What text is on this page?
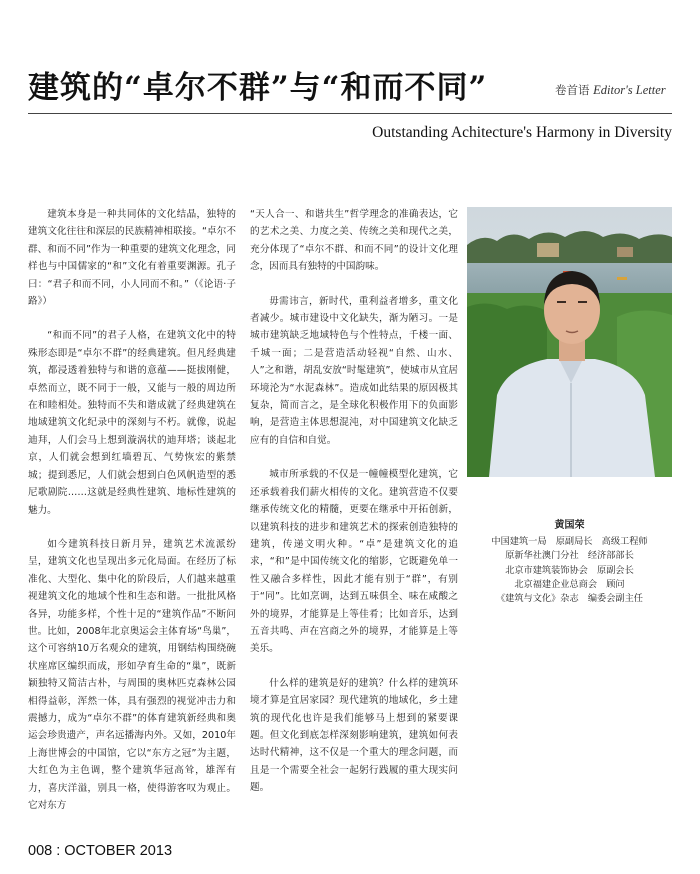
建筑的“卓尔不群”与“和而不同”	卷首语 Editor's Letter
Outstanding Achitecture's Harmony in Diversity

建筑本身是一种共同体的文化结晶，独特的建筑文化往往和深层的民族精神相联接。“卓尔不群、和而不同”作为一种重要的建筑文化理念，同样也与中国儒家的“和”文化有着重要渊源。孔子曰：“君子和而不同，小人同而不和。”（《论语·子路》）

“和而不同”的君子人格，在建筑文化中的特殊形态即是“卓尔不群”的经典建筑。但凡经典建筑，都浸透着独特与和谐的意蕴——挺拔刚健，卓然而立，既不同于一般，又能与一般的周边所在和睦相处。独特而不失和谐成就了经典建筑在地域建筑文化纪录中的深刻与不朽。就像，说起迪拜，人们会马上想到漩涡状的迪拜塔；谈起北京，人们就会想到红墙碧瓦、气势恢宏的紫禁城；提到悉尼，人们就会想到白色风帆造型的悉尼歌剧院……这就是经典性建筑、地标性建筑的魅力。

如今建筑科技日新月异，建筑艺术流派纷呈，建筑文化也呈现出多元化局面。在经历了标准化、大型化、集中化的阶段后，人们越来越重视建筑文化的地域个性和生态和谐。一批批风格各异，功能多样，个性十足的“建筑作品”不断问世。比如，2008年北京奥运会主体育场“鸟巢”，这个可容纳10万名观众的建筑，用钢结构围绕碗状座席区编织而成，形如孕育生命的“巢”，既新颖独特又简洁古朴，与周围的奥林匹克森林公园相得益彰，浑然一体，具有强烈的视觉冲击力和震撼力，成为“卓尔不群”的体育建筑新经典和奥运会珍贵遗产，声名远播海内外。又如，2010年上海世博会的中国馆，它以“东方之冠”为主题，大红色为主色调，整个建筑华冠高耸，雄浑有力，喜庆洋溢，别具一格，使得游客叹为观止。它对东方

“天人合一、和谐共生”哲学理念的准确表达，它的艺术之美、力度之美、传统之美和现代之美，充分体现了“卓尔不群、和而不同”的设计文化理念，因而具有独特的中国韵味。

毋需讳言，新时代，重利益者增多，重文化者减少。城市建设中文化缺失，渐为陋习。一是城市建筑缺乏地域特色与个性特点，千楼一面、千城一面；二是营造活动轻视“自然、山水、人”之和谐，胡乱安放“时髦建筑”，使城市从宜居环境沦为“水泥森林”。造成如此结果的原因极其复杂，简而言之，是全球化积极作用下的负面影响，是营造主体思想混沌，对中国建筑文化缺乏应有的自信和自觉。

城市所承载的不仅是一幢幢模型化建筑，它还承载着我们薪火相传的文化。建筑营造不仅要继承传统文化的精髓，更要在继承中开拓创新，以建筑科技的进步和建筑艺术的探索创造独特的建筑，传递文明火种。“卓”是建筑文化的追求，“和”是中国传统文化的缩影，它既避免单一性又融合多样性，因此才能有别于“群”，有别于“同”。比如烹调，达到五味俱全、味在咸酸之外的境界，才能算是上等佳肴；比如音乐，达到五音共鸣、声在宫商之外的境界，才能算是上等美乐。

什么样的建筑是好的建筑？什么样的建筑环境才算是宜居家园？现代建筑的地域化，乡土建筑的现代化也许是我们能够马上想到的紧要课题。但文化到底怎样深刻影响建筑，建筑如何表达时代精神，这不仅是一个重大的理念问题，而且是一个需要全社会一起躬行践履的重大现实问题。

黄国荣
中国建筑一局　原副局长　高级工程师
原新华社澳门分社　经济部部长
北京市建筑装饰协会　原副会长
北京福建企业总商会　顾问
《建筑与文化》杂志　编委会副主任
008 : OCTOBER 2013
